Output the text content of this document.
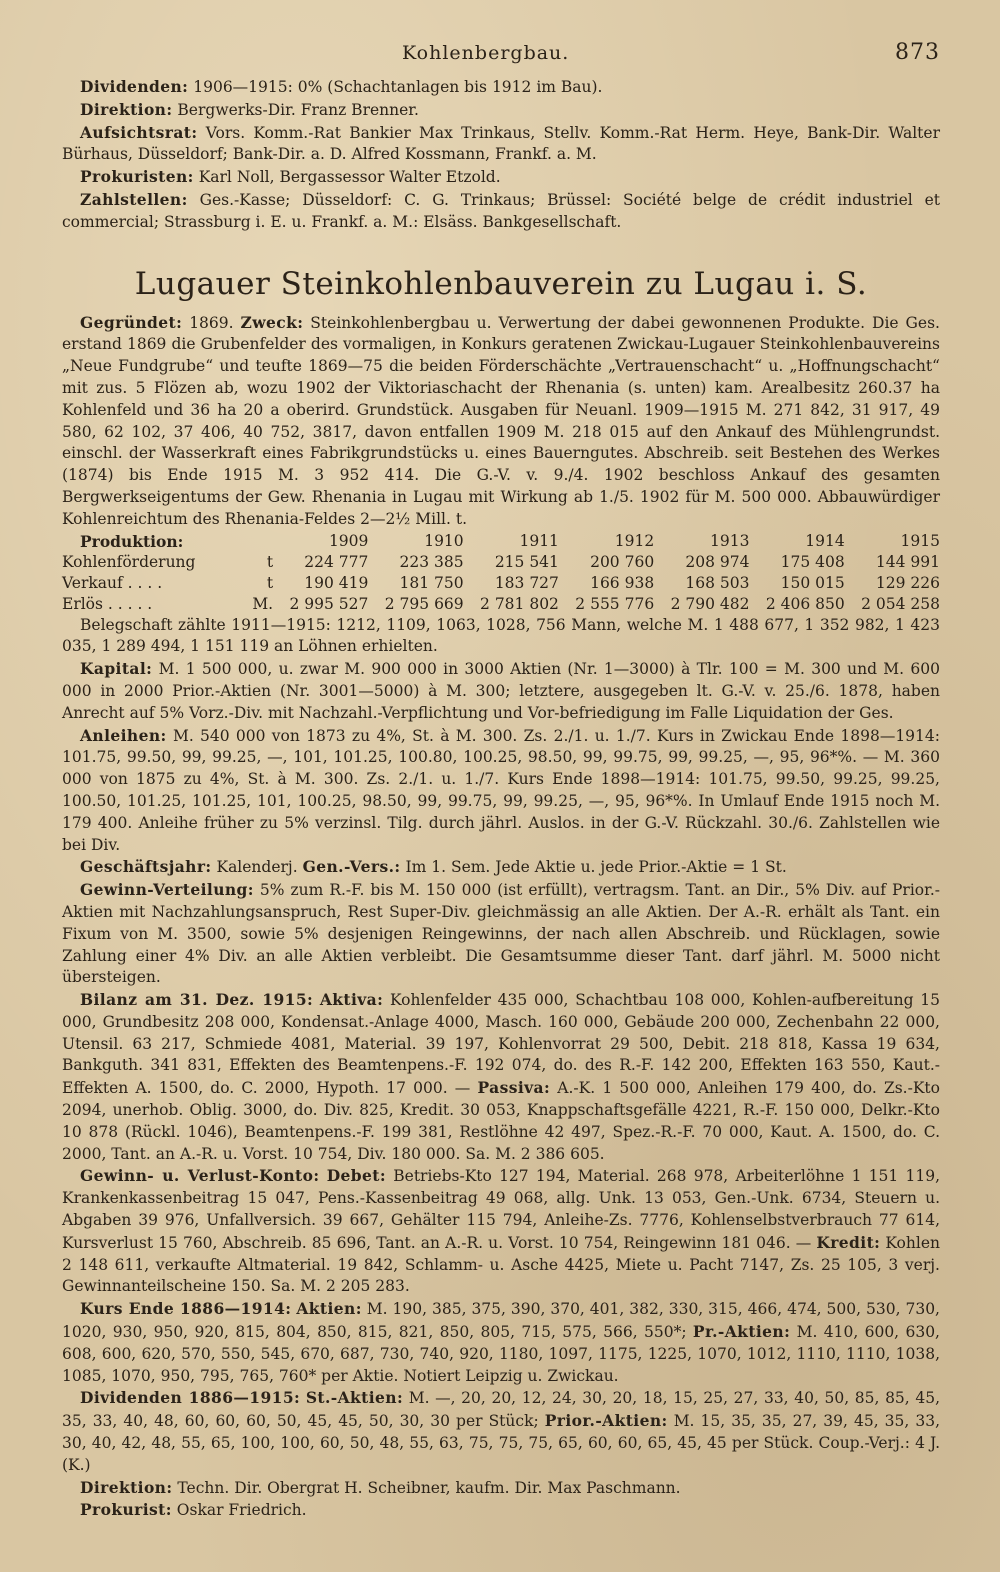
Kohlenbergbau.	873

Dividenden: 1906—1915: 0% (Schachtanlagen bis 1912 im Bau).

Direktion: Bergwerks-Dir. Franz Brenner.

Aufsichtsrat: Vors. Komm.-Rat Bankier Max Trinkaus, Stellv. Komm.-Rat Herm. Heye, Bank-Dir. Walter Bürhaus, Düsseldorf; Bank-Dir. a. D. Alfred Kossmann, Frankf. a. M.

Prokuristen: Karl Noll, Bergassessor Walter Etzold.

Zahlstellen: Ges.-Kasse; Düsseldorf: C. G. Trinkaus; Brüssel: Société belge de crédit industriel et commercial; Strassburg i. E. u. Frankf. a. M.: Elsäss. Bankgesellschaft.

Lugauer Steinkohlenbauverein zu Lugau i. S.

Gegründet: 1869. Zweck: Steinkohlenbergbau u. Verwertung der dabei gewonnenen Produkte. Die Ges. erstand 1869 die Grubenfelder des vormaligen, in Konkurs geratenen Zwickau-Lugauer Steinkohlenbauvereins „Neue Fundgrube“ und teufte 1869—75 die beiden Förderschächte „Vertrauenschacht“ u. „Hoffnungschacht“ mit zus. 5 Flözen ab, wozu 1902 der Viktoriaschacht der Rhenania (s. unten) kam. Arealbesitz 260.37 ha Kohlenfeld und 36 ha 20 a oberird. Grundstück. Ausgaben für Neuanl. 1909—1915 M. 271 842, 31 917, 49 580, 62 102, 37 406, 40 752, 3817, davon entfallen 1909 M. 218 015 auf den Ankauf des Mühlengrundst. einschl. der Wasserkraft eines Fabrikgrundstücks u. eines Bauerngutes. Abschreib. seit Bestehen des Werkes (1874) bis Ende 1915 M. 3 952 414. Die G.-V. v. 9./4. 1902 beschloss Ankauf des gesamten Bergwerkseigentums der Gew. Rhenania in Lugau mit Wirkung ab 1./5. 1902 für M. 500 000. Abbauwürdiger Kohlenreichtum des Rhenania-Feldes 2—2½ Mill. t.

Produktion:		1909	1910	1911	1912	1913	1914	1915
Kohlenförderung	t	224 777	223 385	215 541	200 760	208 974	175 408	144 991
Verkauf . . . .	t	190 419	181 750	183 727	166 938	168 503	150 015	129 226
Erlös . . . . .	M.	2 995 527	2 795 669	2 781 802	2 555 776	2 790 482	2 406 850	2 054 258

Belegschaft zählte 1911—1915: 1212, 1109, 1063, 1028, 756 Mann, welche M. 1 488 677, 1 352 982, 1 423 035, 1 289 494, 1 151 119 an Löhnen erhielten.

Kapital: M. 1 500 000, u. zwar M. 900 000 in 3000 Aktien (Nr. 1—3000) à Tlr. 100 = M. 300 und M. 600 000 in 2000 Prior.-Aktien (Nr. 3001—5000) à M. 300; letztere, ausgegeben lt. G.-V. v. 25./6. 1878, haben Anrecht auf 5% Vorz.-Div. mit Nachzahl.-Verpflichtung und Vor-befriedigung im Falle Liquidation der Ges.

Anleihen: M. 540 000 von 1873 zu 4%, St. à M. 300. Zs. 2./1. u. 1./7. Kurs in Zwickau Ende 1898—1914: 101.75, 99.50, 99, 99.25, —, 101, 101.25, 100.80, 100.25, 98.50, 99, 99.75, 99, 99.25, —, 95, 96*%. — M. 360 000 von 1875 zu 4%, St. à M. 300. Zs. 2./1. u. 1./7. Kurs Ende 1898—1914: 101.75, 99.50, 99.25, 99.25, 100.50, 101.25, 101.25, 101, 100.25, 98.50, 99, 99.75, 99, 99.25, —, 95, 96*%. In Umlauf Ende 1915 noch M. 179 400. Anleihe früher zu 5% verzinsl. Tilg. durch jährl. Auslos. in der G.-V. Rückzahl. 30./6. Zahlstellen wie bei Div.

Geschäftsjahr: Kalenderj. Gen.-Vers.: Im 1. Sem. Jede Aktie u. jede Prior.-Aktie = 1 St.

Gewinn-Verteilung: 5% zum R.-F. bis M. 150 000 (ist erfüllt), vertragsm. Tant. an Dir., 5% Div. auf Prior.-Aktien mit Nachzahlungsanspruch, Rest Super-Div. gleichmässig an alle Aktien. Der A.-R. erhält als Tant. ein Fixum von M. 3500, sowie 5% desjenigen Reingewinns, der nach allen Abschreib. und Rücklagen, sowie Zahlung einer 4% Div. an alle Aktien verbleibt. Die Gesamtsumme dieser Tant. darf jährl. M. 5000 nicht übersteigen.

Bilanz am 31. Dez. 1915: Aktiva: Kohlenfelder 435 000, Schachtbau 108 000, Kohlen-aufbereitung 15 000, Grundbesitz 208 000, Kondensat.-Anlage 4000, Masch. 160 000, Gebäude 200 000, Zechenbahn 22 000, Utensil. 63 217, Schmiede 4081, Material. 39 197, Kohlenvorrat 29 500, Debit. 218 818, Kassa 19 634, Bankguth. 341 831, Effekten des Beamtenpens.-F. 192 074, do. des R.-F. 142 200, Effekten 163 550, Kaut.-Effekten A. 1500, do. C. 2000, Hypoth. 17 000. — Passiva: A.-K. 1 500 000, Anleihen 179 400, do. Zs.-Kto 2094, unerhob. Oblig. 3000, do. Div. 825, Kredit. 30 053, Knappschaftsgefälle 4221, R.-F. 150 000, Delkr.-Kto 10 878 (Rückl. 1046), Beamtenpens.-F. 199 381, Restlöhne 42 497, Spez.-R.-F. 70 000, Kaut. A. 1500, do. C. 2000, Tant. an A.-R. u. Vorst. 10 754, Div. 180 000. Sa. M. 2 386 605.

Gewinn- u. Verlust-Konto: Debet: Betriebs-Kto 127 194, Material. 268 978, Arbeiterlöhne 1 151 119, Krankenkassenbeitrag 15 047, Pens.-Kassenbeitrag 49 068, allg. Unk. 13 053, Gen.-Unk. 6734, Steuern u. Abgaben 39 976, Unfallversich. 39 667, Gehälter 115 794, Anleihe-Zs. 7776, Kohlenselbstverbrauch 77 614, Kursverlust 15 760, Abschreib. 85 696, Tant. an A.-R. u. Vorst. 10 754, Reingewinn 181 046. — Kredit: Kohlen 2 148 611, verkaufte Altmaterial. 19 842, Schlamm- u. Asche 4425, Miete u. Pacht 7147, Zs. 25 105, 3 verj. Gewinnanteilscheine 150. Sa. M. 2 205 283.

Kurs Ende 1886—1914: Aktien: M. 190, 385, 375, 390, 370, 401, 382, 330, 315, 466, 474, 500, 530, 730, 1020, 930, 950, 920, 815, 804, 850, 815, 821, 850, 805, 715, 575, 566, 550*; Pr.-Aktien: M. 410, 600, 630, 608, 600, 620, 570, 550, 545, 670, 687, 730, 740, 920, 1180, 1097, 1175, 1225, 1070, 1012, 1110, 1110, 1038, 1085, 1070, 950, 795, 765, 760* per Aktie. Notiert Leipzig u. Zwickau.

Dividenden 1886—1915: St.-Aktien: M. —, 20, 20, 12, 24, 30, 20, 18, 15, 25, 27, 33, 40, 50, 85, 85, 45, 35, 33, 40, 48, 60, 60, 60, 50, 45, 45, 50, 30, 30 per Stück; Prior.-Aktien: M. 15, 35, 35, 27, 39, 45, 35, 33, 30, 40, 42, 48, 55, 65, 100, 100, 60, 50, 48, 55, 63, 75, 75, 75, 65, 60, 60, 65, 45, 45 per Stück. Coup.-Verj.: 4 J. (K.)

Direktion: Techn. Dir. Obergrat H. Scheibner, kaufm. Dir. Max Paschmann.

Prokurist: Oskar Friedrich.
